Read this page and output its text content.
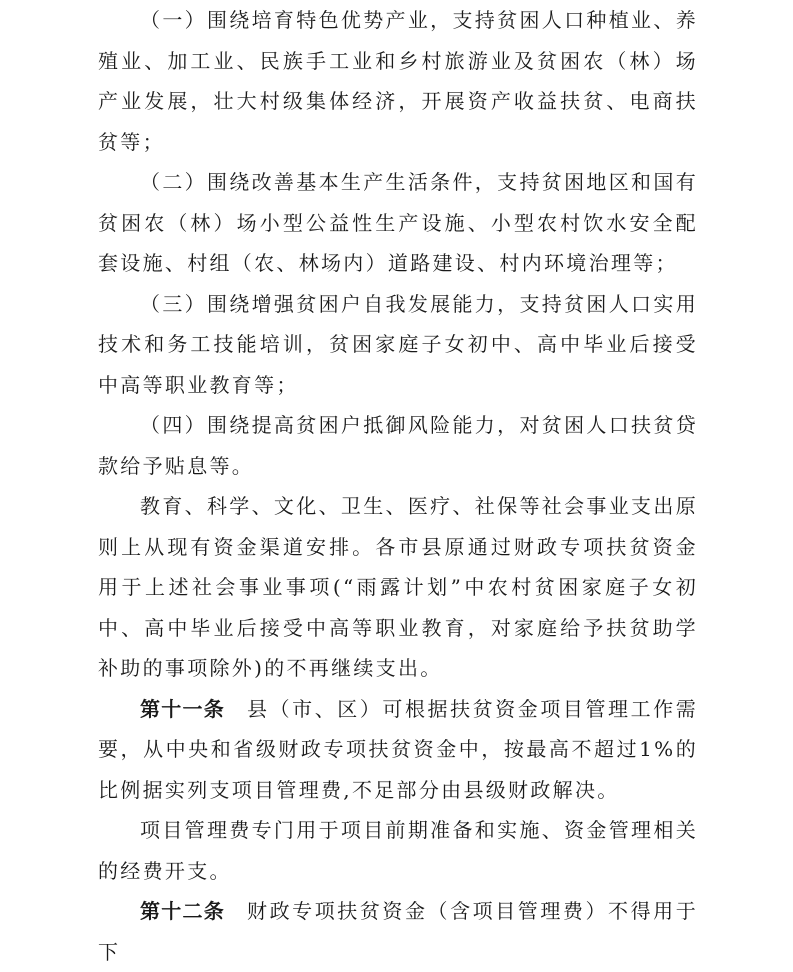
（一）围绕培育特色优势产业，支持贫困人口种植业、养殖业、加工业、民族手工业和乡村旅游业及贫困农（林）场产业发展，壮大村级集体经济，开展资产收益扶贫、电商扶贫等；

（二）围绕改善基本生产生活条件，支持贫困地区和国有贫困农（林）场小型公益性生产设施、小型农村饮水安全配套设施、村组（农、林场内）道路建设、村内环境治理等；

（三）围绕增强贫困户自我发展能力，支持贫困人口实用技术和务工技能培训，贫困家庭子女初中、高中毕业后接受中高等职业教育等；

（四）围绕提高贫困户抵御风险能力，对贫困人口扶贫贷款给予贴息等。

教育、科学、文化、卫生、医疗、社保等社会事业支出原则上从现有资金渠道安排。各市县原通过财政专项扶贫资金用于上述社会事业事项(“雨露计划”中农村贫困家庭子女初中、高中毕业后接受中高等职业教育，对家庭给予扶贫助学补助的事项除外)的不再继续支出。

第十一条 县（市、区）可根据扶贫资金项目管理工作需要，从中央和省级财政专项扶贫资金中，按最高不超过1%的比例据实列支项目管理费,不足部分由县级财政解决。

项目管理费专门用于项目前期准备和实施、资金管理相关的经费开支。

第十二条 财政专项扶贫资金（含项目管理费）不得用于下
